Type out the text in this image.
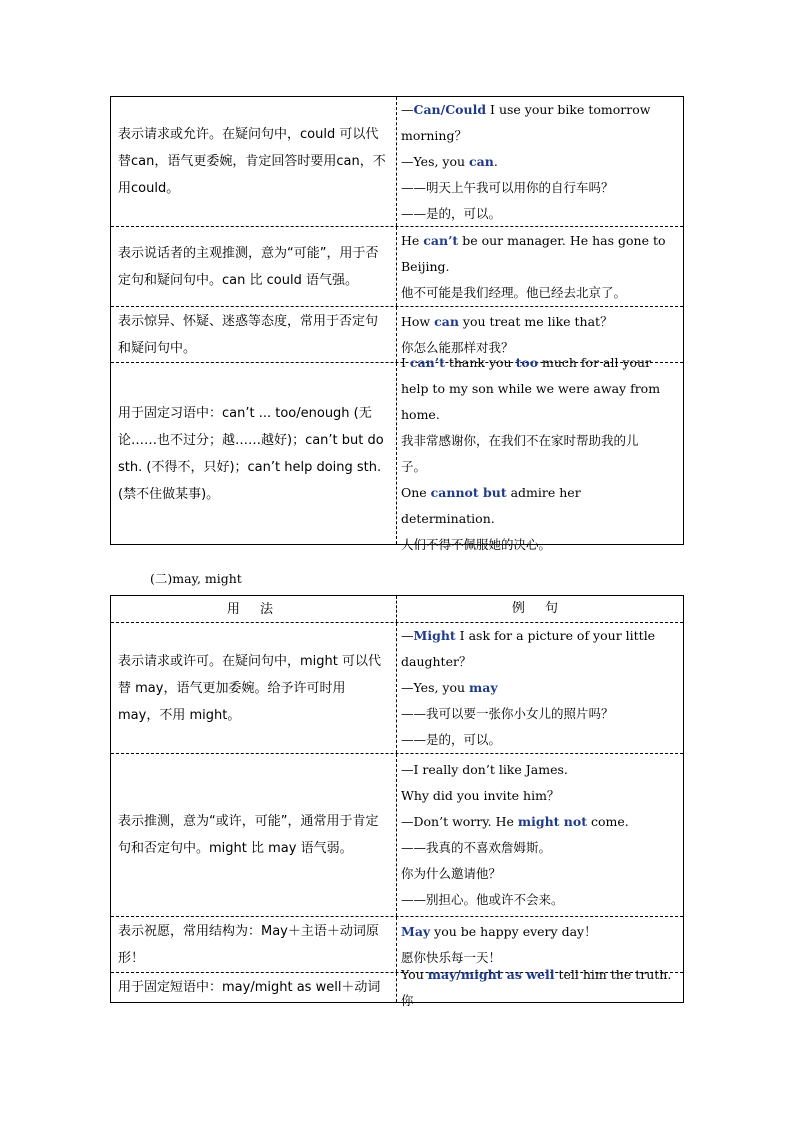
表示请求或允许。在疑问句中，could 可以代替can，语气更委婉，肯定回答时要用can，不用could。
—Can/Could I use your bike tomorrow
morning？
—Yes, you can.
——明天上午我可以用你的自行车吗？
——是的，可以。
表示说话者的主观推测，意为“可能”，用于否定句和疑问句中。can 比 could 语气强。
He can’t be our manager. He has gone to
Beijing.
他不可能是我们经理。他已经去北京了。
表示惊异、怀疑、迷惑等态度，常用于否定句和疑问句中。
How can you treat me like that？
你怎么能那样对我？
用于固定习语中：can’t ... too/enough (无论……也不过分；越……越好)；can’t but do sth. (不得不，只好)；can’t help doing sth. (禁不住做某事)。
I can’t thank you too much for all your
help to my son while we were away from
home.
我非常感谢你，在我们不在家时帮助我的儿
子。
One cannot but admire her determination.
人们不得不佩服她的决心。
(二)may, might
用 法	例 句
表示请求或许可。在疑问句中，might 可以代替 may，语气更加委婉。给予许可时用 may，不用 might。
—Might I ask for a picture of your little
daughter？
—Yes, you may
——我可以要一张你小女儿的照片吗？
——是的，可以。
表示推测，意为“或许，可能”，通常用于肯定句和否定句中。might 比 may 语气弱。
—I really don’t like James.
Why did you invite him？
—Don’t worry. He might not come.
——我真的不喜欢詹姆斯。
你为什么邀请他？
——别担心。他或许不会来。
表示祝愿，常用结构为：May＋主语＋动词原形！
May you be happy every day！
愿你快乐每一天！
用于固定短语中：may/might as well＋动词
You may/might as well tell him the truth.你
